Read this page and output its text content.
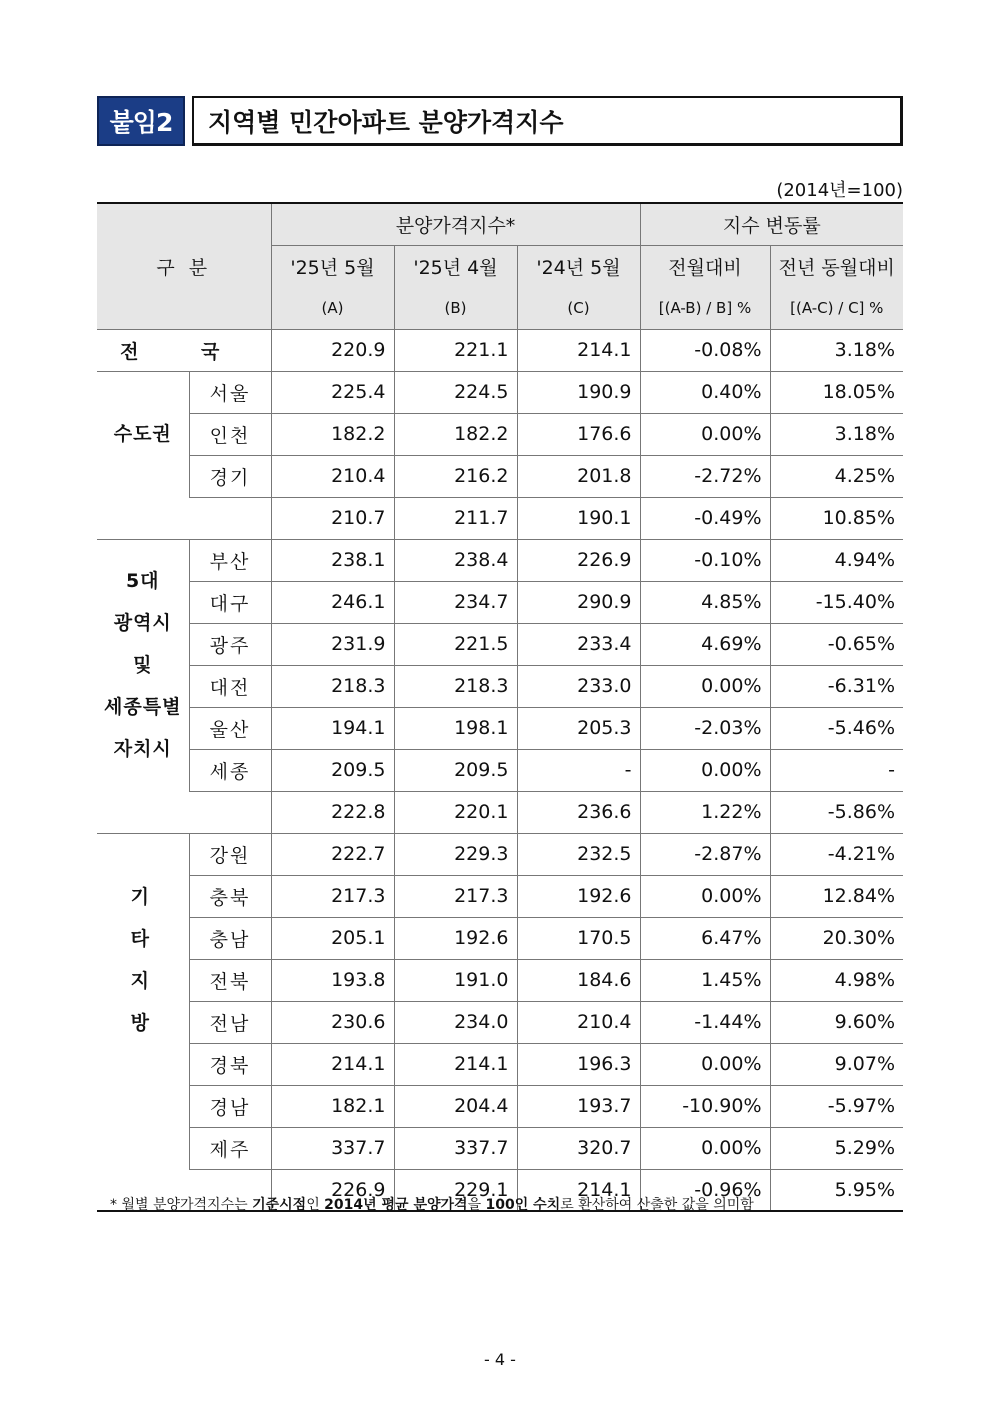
붙임2	지역별 민간아파트 분양가격지수
(2014년=100)
구 분		분양가격지수*			지수 변동률	
		'25년 5월	'25년 4월	'24년 5월	전월대비	전년 동월대비
		(A)	(B)	(C)	[(A-B) / B] %	[(A-C) / C] %
전 국		220.9	221.1	214.1	-0.08%	3.18%
수도권	서울	225.4	224.5	190.9	0.40%	18.05%
	인천	182.2	182.2	176.6	0.00%	3.18%
	경기	210.4	216.2	201.8	-2.72%	4.25%
		210.7	211.7	190.1	-0.49%	10.85%

5대
광역시
및
세종특별
자치시	부산	238.1	238.4	226.9	-0.10%	4.94%
	대구	246.1	234.7	290.9	4.85%	-15.40%
	광주	231.9	221.5	233.4	4.69%	-0.65%
	대전	218.3	218.3	233.0	0.00%	-6.31%
	울산	194.1	198.1	205.3	-2.03%	-5.46%
	세종	209.5	209.5	-	0.00%	-
		222.8	220.1	236.6	1.22%	-5.86%

기 타
지 방	강원	222.7	229.3	232.5	-2.87%	-4.21%
	충북	217.3	217.3	192.6	0.00%	12.84%
	충남	205.1	192.6	170.5	6.47%	20.30%
	전북	193.8	191.0	184.6	1.45%	4.98%
	전남	230.6	234.0	210.4	-1.44%	9.60%
	경북	214.1	214.1	196.3	0.00%	9.07%
	경남	182.1	204.4	193.7	-10.90%	-5.97%
	제주	337.7	337.7	320.7	0.00%	5.29%
		226.9	229.1	214.1	-0.96%	5.95%
* 월별 분양가격지수는 기준시점인 2014년 평균 분양가격을 100인 수치로 환산하여 산출한 값을 의미함
- 4 -
